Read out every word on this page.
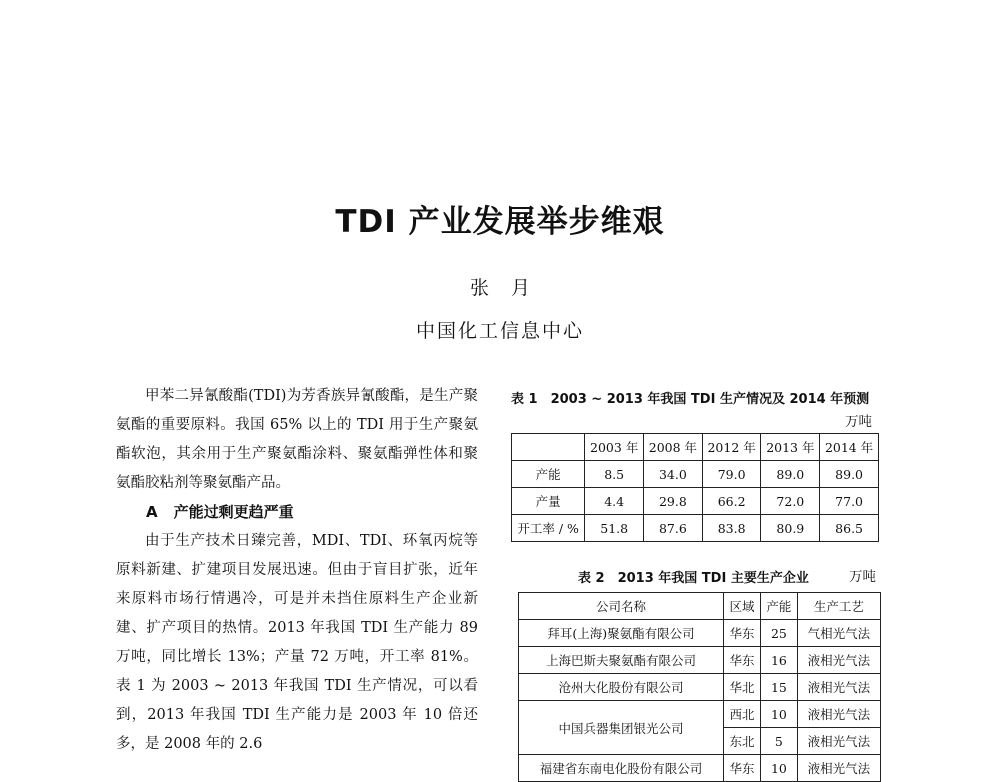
TDI 产业发展举步维艰
张月
中国化工信息中心

甲苯二异氰酸酯(TDI)为芳香族异氰酸酯，是生产聚氨酯的重要原料。我国 65% 以上的 TDI 用于生产聚氨酯软泡，其余用于生产聚氨酯涂料、聚氨酯弹性体和聚氨酯胶粘剂等聚氨酯产品。

A 产能过剩更趋严重

由于生产技术日臻完善，MDI、TDI、环氧丙烷等原料新建、扩建项目发展迅速。但由于盲目扩张，近年来原料市场行情遇冷，可是并未挡住原料生产企业新建、扩产项目的热情。2013 年我国 TDI 生产能力 89 万吨，同比增长 13%；产量 72 万吨，开工率 81%。表 1 为 2003 ~ 2013 年我国 TDI 生产情况，可以看到，2013 年我国 TDI 生产能力是 2003 年 10 倍还多，是 2008 年的 2.6

表 1　2003 ~ 2013 年我国 TDI 生产情况及 2014 年预测
万吨
	2003 年	2008 年	2012 年	2013 年	2014 年
产能	8.5	34.0	79.0	89.0	89.0
产量	4.4	29.8	66.2	72.0	77.0
开工率 / %	51.8	87.6	83.8	80.9	86.5
表 2　2013 年我国 TDI 主要生产企业	万吨
公司名称	区域	产能	生产工艺
拜耳(上海)聚氨酯有限公司	华东	25	气相光气法
上海巴斯夫聚氨酯有限公司	华东	16	液相光气法
沧州大化股份有限公司	华北	15	液相光气法
中国兵器集团银光公司	西北	10	液相光气法
	东北	5	液相光气法
福建省东南电化股份有限公司	华东	10	液相光气法
